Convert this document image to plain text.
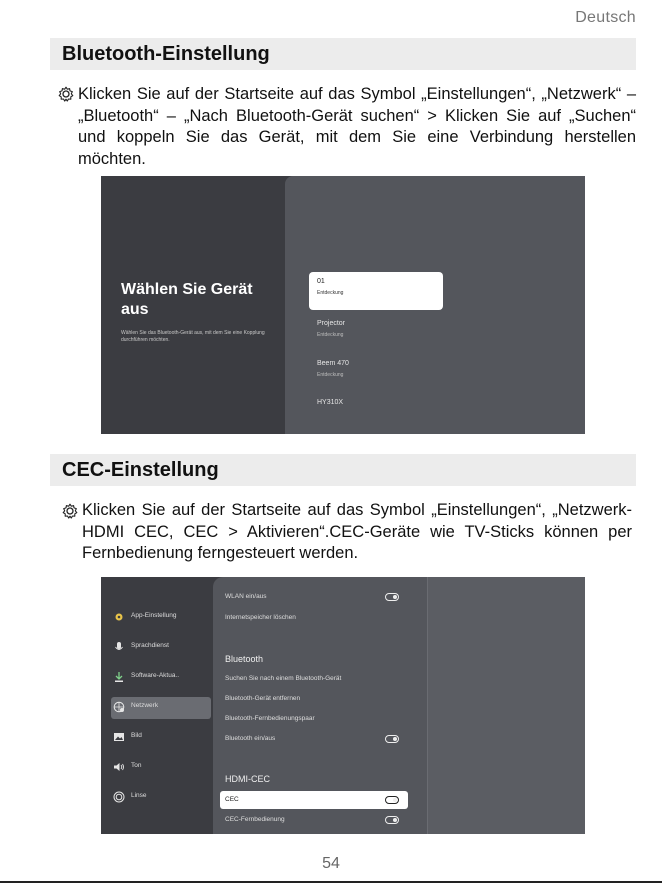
Deutsch
Bluetooth-Einstellung
Klicken Sie auf der Startseite auf das Symbol „Einstellungen“, „Netzwerk“ – „Bluetooth“ – „Nach Bluetooth-Gerät suchen“ > Klicken Sie auf „Suchen“ und koppeln Sie das Gerät, mit dem Sie eine Verbindung herstellen möchten.
Wählen Sie Gerät aus
Wählen Sie das Bluetooth-Gerät aus, mit dem Sie eine Kopplung durchführen möchten.
01
Entdeckung
Projector
Entdeckung
Beem 470
Entdeckung
HY310X
CEC-Einstellung
Klicken Sie auf der Startseite auf das Symbol „Einstellungen“, „Netzwerk-HDMI CEC, CEC > Aktivieren“.CEC-Geräte wie TV-Sticks können per Fernbedienung ferngesteuert werden.
App-Einstellung
Sprachdienst
Software-Aktua..
Netzwerk
Bild
Ton
Linse
WLAN ein/aus
Internetspeicher löschen
Bluetooth
Suchen Sie nach einem Bluetooth-Gerät
Bluetooth-Gerät entfernen
Bluetooth-Fernbedienungspaar
Bluetooth ein/aus
HDMI-CEC
CEC
CEC-Fernbedienung
54
